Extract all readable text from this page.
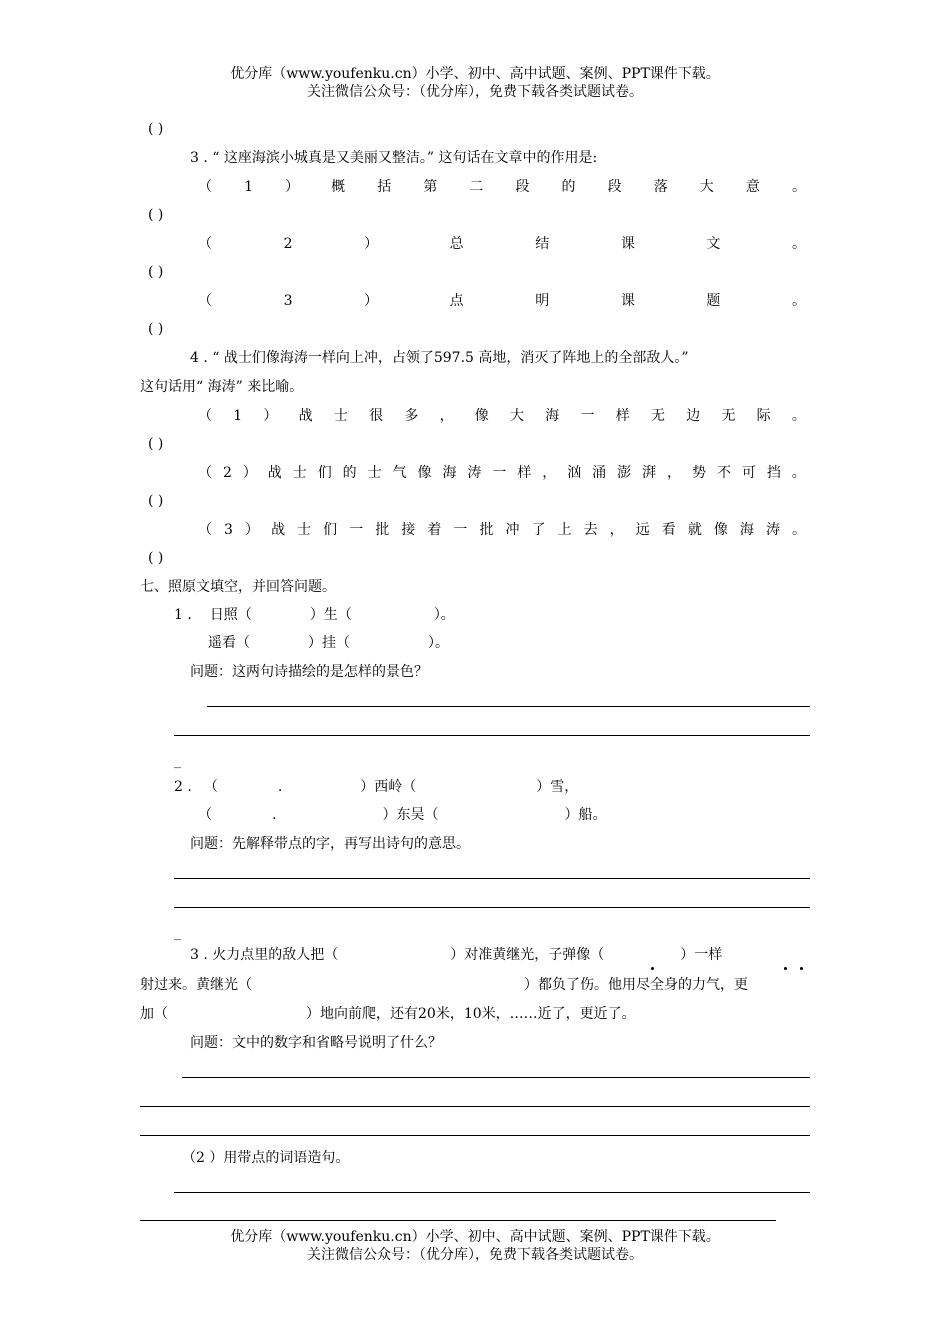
优分库（www.youfenku.cn）小学、初中、高中试题、案例、PPT课件下载。
关注微信公众号：（优分库），免费下载各类试题试卷。
( )
3 . “ 这座海滨小城真是又美丽又整洁。” 这句话在文章中的作用是:
（ 1 ） 概 括 第 二 段 的 段 落 大 意 。
( )
（	2	）	总	结	课	文	。
( )
（	3	）	点	明	课	题	。
( )
4 . “ 战士们像海涛一样向上冲，占领了597.5 高地，消灭了阵地上的全部敌人。”
这句话用“ 海涛” 来比喻。
（ 1 ） 战 士 很 多 ， 像 大 海 一 样 无 边 无 际 。
( )
（ 2 ） 战 士 们 的 士 气 像 海 涛 一 样 ， 汹 涌 澎 湃 ， 势 不 可 挡 。
( )
（ 3 ） 战 士 们 一 批 接 着 一 批 冲 了 上 去 ， 远 看 就 像 海 涛 。
( )
七、照原文填空，并回答问题。
1 . 日照（	）生（	）。
遥看（	）挂（	）。
问题：这两句诗描绘的是怎样的景色？
_
2 . （	.	）西岭（	）雪，
（	.	）东吴（	）船。
问题：先解释带点的字，再写出诗句的意思。
_
3 . 火力点里的敌人把（	）对准黄继光，子弹像（	）一样
射过来。黄继光（	）都负了伤。他用尽全身的力气，更
加（	）地向前爬，还有20米，10米，……近了，更近了。
问题：文中的数字和省略号说明了什么？
（2 ）用带点的词语造句。
优分库（www.youfenku.cn）小学、初中、高中试题、案例、PPT课件下载。
关注微信公众号：（优分库），免费下载各类试题试卷。
